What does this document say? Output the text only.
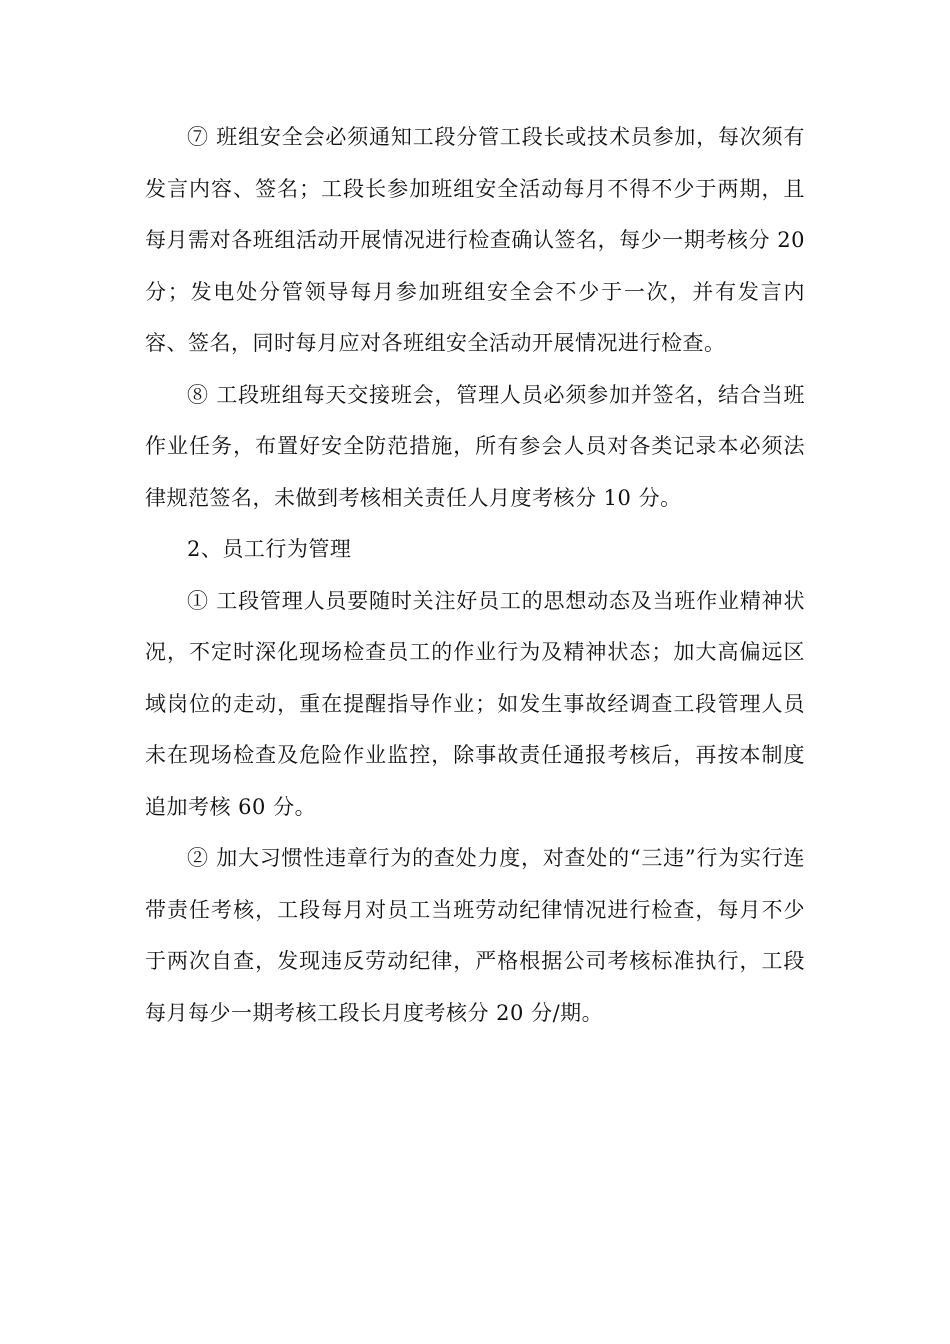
⑦ 班组安全会必须通知工段分管工段长或技术员参加，每次须有发言内容、签名；工段长参加班组安全活动每月不得不少于两期，且每月需对各班组活动开展情况进行检查确认签名，每少一期考核分 20 分；发电处分管领导每月参加班组安全会不少于一次，并有发言内容、签名，同时每月应对各班组安全活动开展情况进行检查。

⑧ 工段班组每天交接班会，管理人员必须参加并签名，结合当班作业任务，布置好安全防范措施，所有参会人员对各类记录本必须法律规范签名，未做到考核相关责任人月度考核分 10 分。

2、员工行为管理

① 工段管理人员要随时关注好员工的思想动态及当班作业精神状况，不定时深化现场检查员工的作业行为及精神状态；加大高偏远区域岗位的走动，重在提醒指导作业；如发生事故经调查工段管理人员未在现场检查及危险作业监控，除事故责任通报考核后，再按本制度追加考核 60 分。

② 加大习惯性违章行为的查处力度，对查处的“三违”行为实行连带责任考核，工段每月对员工当班劳动纪律情况进行检查，每月不少于两次自查，发现违反劳动纪律，严格根据公司考核标准执行，工段每月每少一期考核工段长月度考核分 20 分/期。
